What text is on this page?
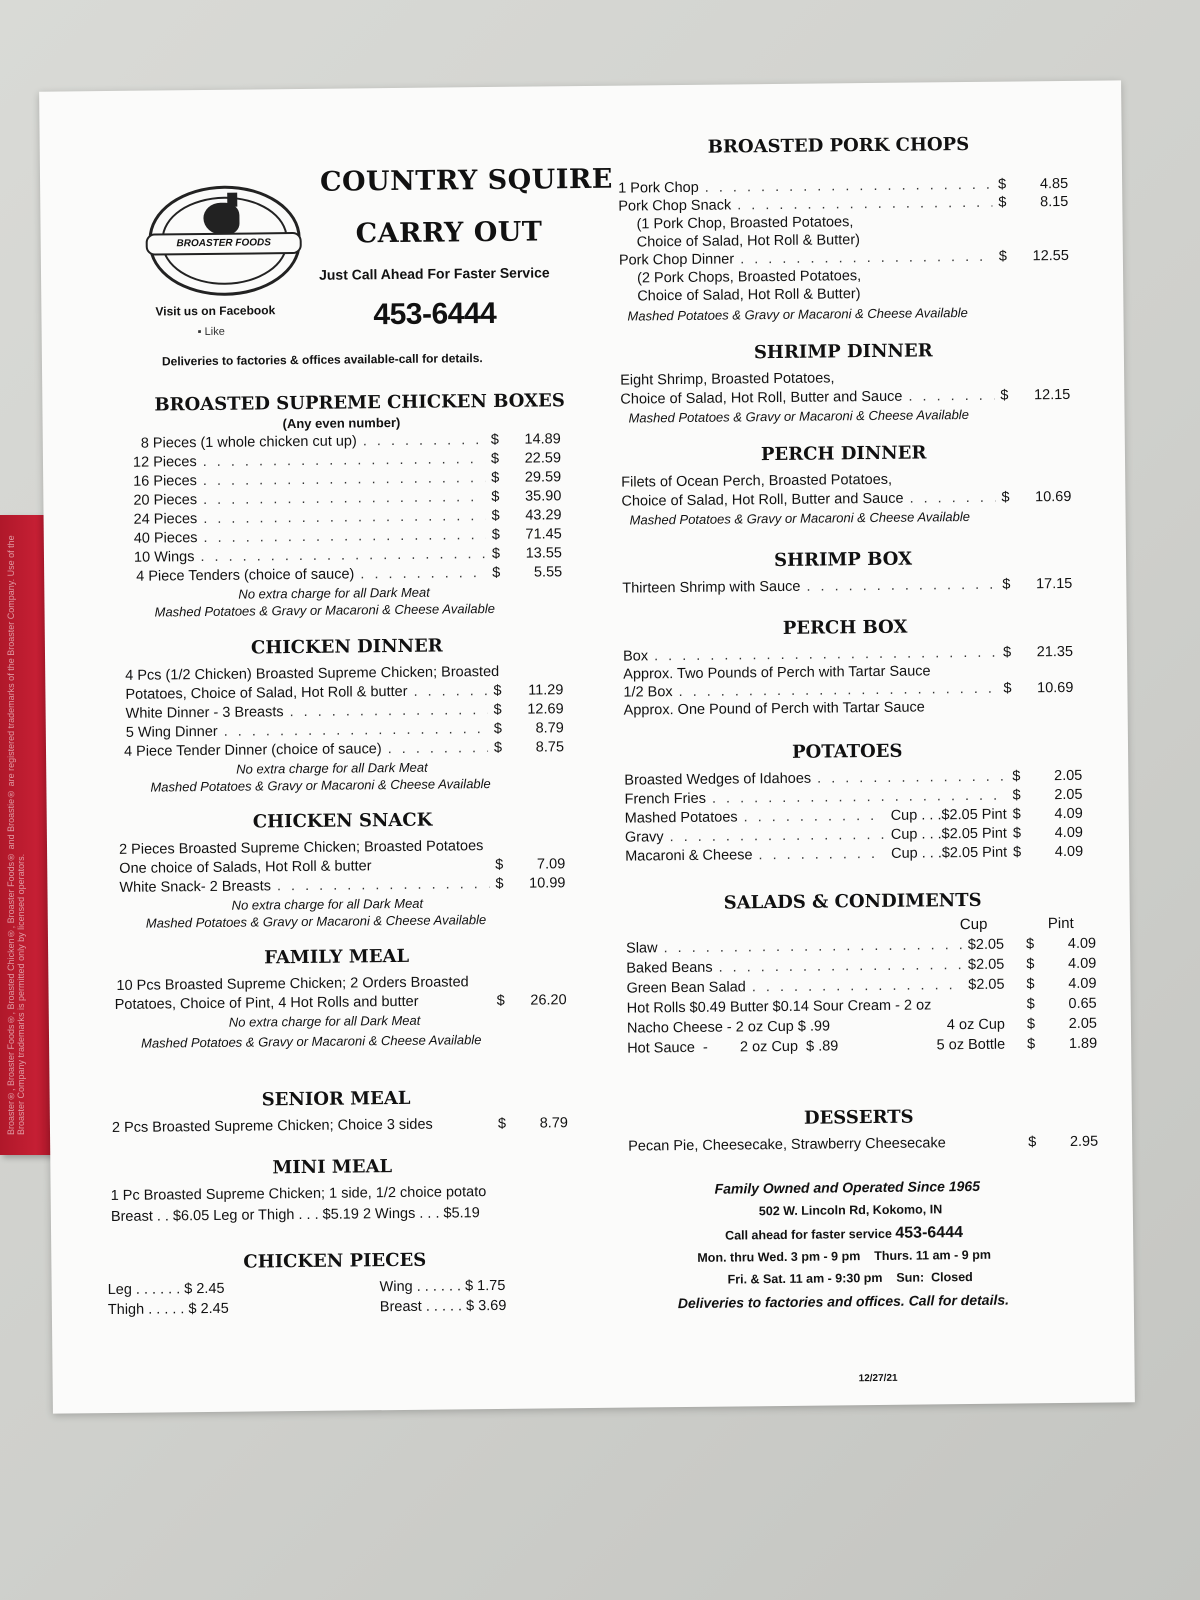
Broaster®, Broaster Foods®, Broasted Chicken®, Broaster Foods® and Broastie® are registered trademarks of the Broaster Company. Use of the Broaster Company trademarks is permitted only by licensed operators.
BROASTER FOODS
Visit us on Facebook
▪ Like
COUNTRY SQUIRE
CARRY OUT
Just Call Ahead For Faster Service
453-6444
Deliveries to factories & offices available-call for details.
BROASTED SUPREME CHICKEN BOXES
(Any even number)
8 Pieces (1 whole chicken cut up) . . .	$	14.89
12 Pieces . . .	$	22.59
16 Pieces . . .	$	29.59
20 Pieces . . .	$	35.90
24 Pieces . . .	$	43.29
40 Pieces . . .	$	71.45
10 Wings . . .	$	13.55
4 Piece Tenders (choice of sauce) . . .	$	5.55
No extra charge for all Dark Meat
Mashed Potatoes & Gravy or Macaroni & Cheese Available
CHICKEN DINNER
4 Pcs (1/2 Chicken) Broasted Supreme Chicken; Broasted
Potatoes, Choice of Salad, Hot Roll & butter . . .	$	11.29
White Dinner - 3 Breasts . . .	$	12.69
5 Wing Dinner . . .	$	8.79
4 Piece Tender Dinner (choice of sauce) . . .	$	8.75
No extra charge for all Dark Meat
Mashed Potatoes & Gravy or Macaroni & Cheese Available
CHICKEN SNACK
2 Pieces Broasted Supreme Chicken; Broasted Potatoes
One choice of Salads, Hot Roll & butter	$	7.09
White Snack- 2 Breasts . . .	$	10.99
No extra charge for all Dark Meat
Mashed Potatoes & Gravy or Macaroni & Cheese Available
FAMILY MEAL
10 Pcs Broasted Supreme Chicken; 2 Orders Broasted
Potatoes, Choice of Pint, 4 Hot Rolls and butter	$	26.20
No extra charge for all Dark Meat
Mashed Potatoes & Gravy or Macaroni & Cheese Available
SENIOR MEAL
2 Pcs Broasted Supreme Chicken; Choice 3 sides	$	8.79
MINI MEAL
1 Pc Broasted Supreme Chicken; 1 side, 1/2 choice potato
Breast . . $6.05 Leg or Thigh . . . $5.19 2 Wings . . . $5.19
CHICKEN PIECES
Leg . . . . . . $ 2.45
Thigh . . . . . $ 2.45
Wing . . . . . . $ 1.75
Breast . . . . . $ 3.69
BROASTED PORK CHOPS
1 Pork Chop . . .	$	4.85
Pork Chop Snack . . .	$	8.15
(1 Pork Chop, Broasted Potatoes,
Choice of Salad, Hot Roll & Butter)
Pork Chop Dinner . . .	$	12.55
(2 Pork Chops, Broasted Potatoes,
Choice of Salad, Hot Roll & Butter)
Mashed Potatoes & Gravy or Macaroni & Cheese Available
SHRIMP DINNER
Eight Shrimp, Broasted Potatoes,
Choice of Salad, Hot Roll, Butter and Sauce . . .	$	12.15
Mashed Potatoes & Gravy or Macaroni & Cheese Available
PERCH DINNER
Filets of Ocean Perch, Broasted Potatoes,
Choice of Salad, Hot Roll, Butter and Sauce . . .	$	10.69
Mashed Potatoes & Gravy or Macaroni & Cheese Available
SHRIMP BOX
Thirteen Shrimp with Sauce . . .	$	17.15
PERCH BOX
Box . . .	$	21.35
Approx. Two Pounds of Perch with Tartar Sauce
1/2 Box . . .	$	10.69
Approx. One Pound of Perch with Tartar Sauce
POTATOES
Broasted Wedges of Idahoes . . .	$	2.05
French Fries . . .	$	2.05
Mashed Potatoes . . .	Cup . . .$2.05 Pint $	4.09
Gravy . . .	Cup . . .$2.05 Pint $	4.09
Macaroni & Cheese . . .	Cup . . .$2.05 Pint $	4.09
SALADS & CONDIMENTS
Cup	Pint
Slaw . . .	$2.05 $	4.09
Baked Beans . . .	$2.05 $	4.09
Green Bean Salad . . .	$2.05 $	4.09
Hot Rolls $0.49 Butter $0.14 Sour Cream - 2 oz	$	0.65
Nacho Cheese - 2 oz Cup $ .99	4 oz Cup $	2.05
Hot Sauce  -        2 oz Cup  $ .89	5 oz Bottle $	1.89
DESSERTS
Pecan Pie, Cheesecake, Strawberry Cheesecake	$	2.95
Family Owned and Operated Since 1965
502 W. Lincoln Rd, Kokomo, IN
Call ahead for faster service 453-6444
Mon. thru Wed. 3 pm - 9 pm    Thurs. 11 am - 9 pm
Fri. & Sat. 11 am - 9:30 pm    Sun:  Closed
Deliveries to factories and offices. Call for details.
12/27/21
